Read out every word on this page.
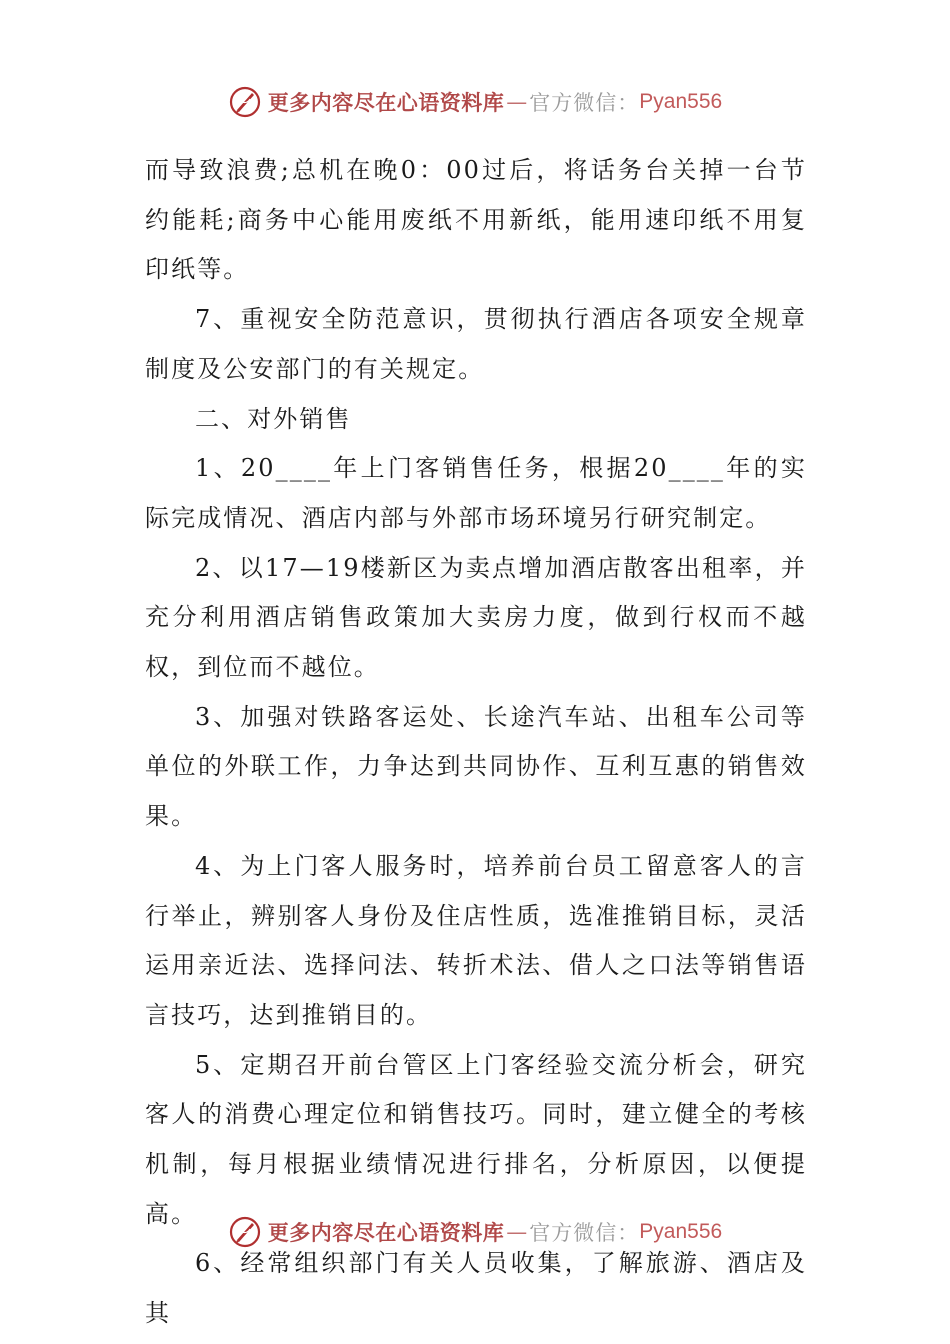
更多内容尽在心语资料库 — 官方微信： Pyan556

而导致浪费;总机在晚0：00过后，将话务台关掉一台节约能耗;商务中心能用废纸不用新纸，能用速印纸不用复印纸等。

7、重视安全防范意识，贯彻执行酒店各项安全规章制度及公安部门的有关规定。

二、对外销售

1、20____年上门客销售任务，根据20____年的实际完成情况、酒店内部与外部市场环境另行研究制定。

2、以17—19楼新区为卖点增加酒店散客出租率，并充分利用酒店销售政策加大卖房力度，做到行权而不越权，到位而不越位。

3、加强对铁路客运处、长途汽车站、出租车公司等单位的外联工作，力争达到共同协作、互利互惠的销售效果。

4、为上门客人服务时，培养前台员工留意客人的言行举止，辨别客人身份及住店性质，选准推销目标，灵活运用亲近法、选择问法、转折术法、借人之口法等销售语言技巧，达到推销目的。

5、定期召开前台管区上门客经验交流分析会，研究客人的消费心理定位和销售技巧。同时，建立健全的考核机制，每月根据业绩情况进行排名，分析原因，以便提高。

6、经常组织部门有关人员收集，了解旅游、酒店及其

更多内容尽在心语资料库 — 官方微信： Pyan556
